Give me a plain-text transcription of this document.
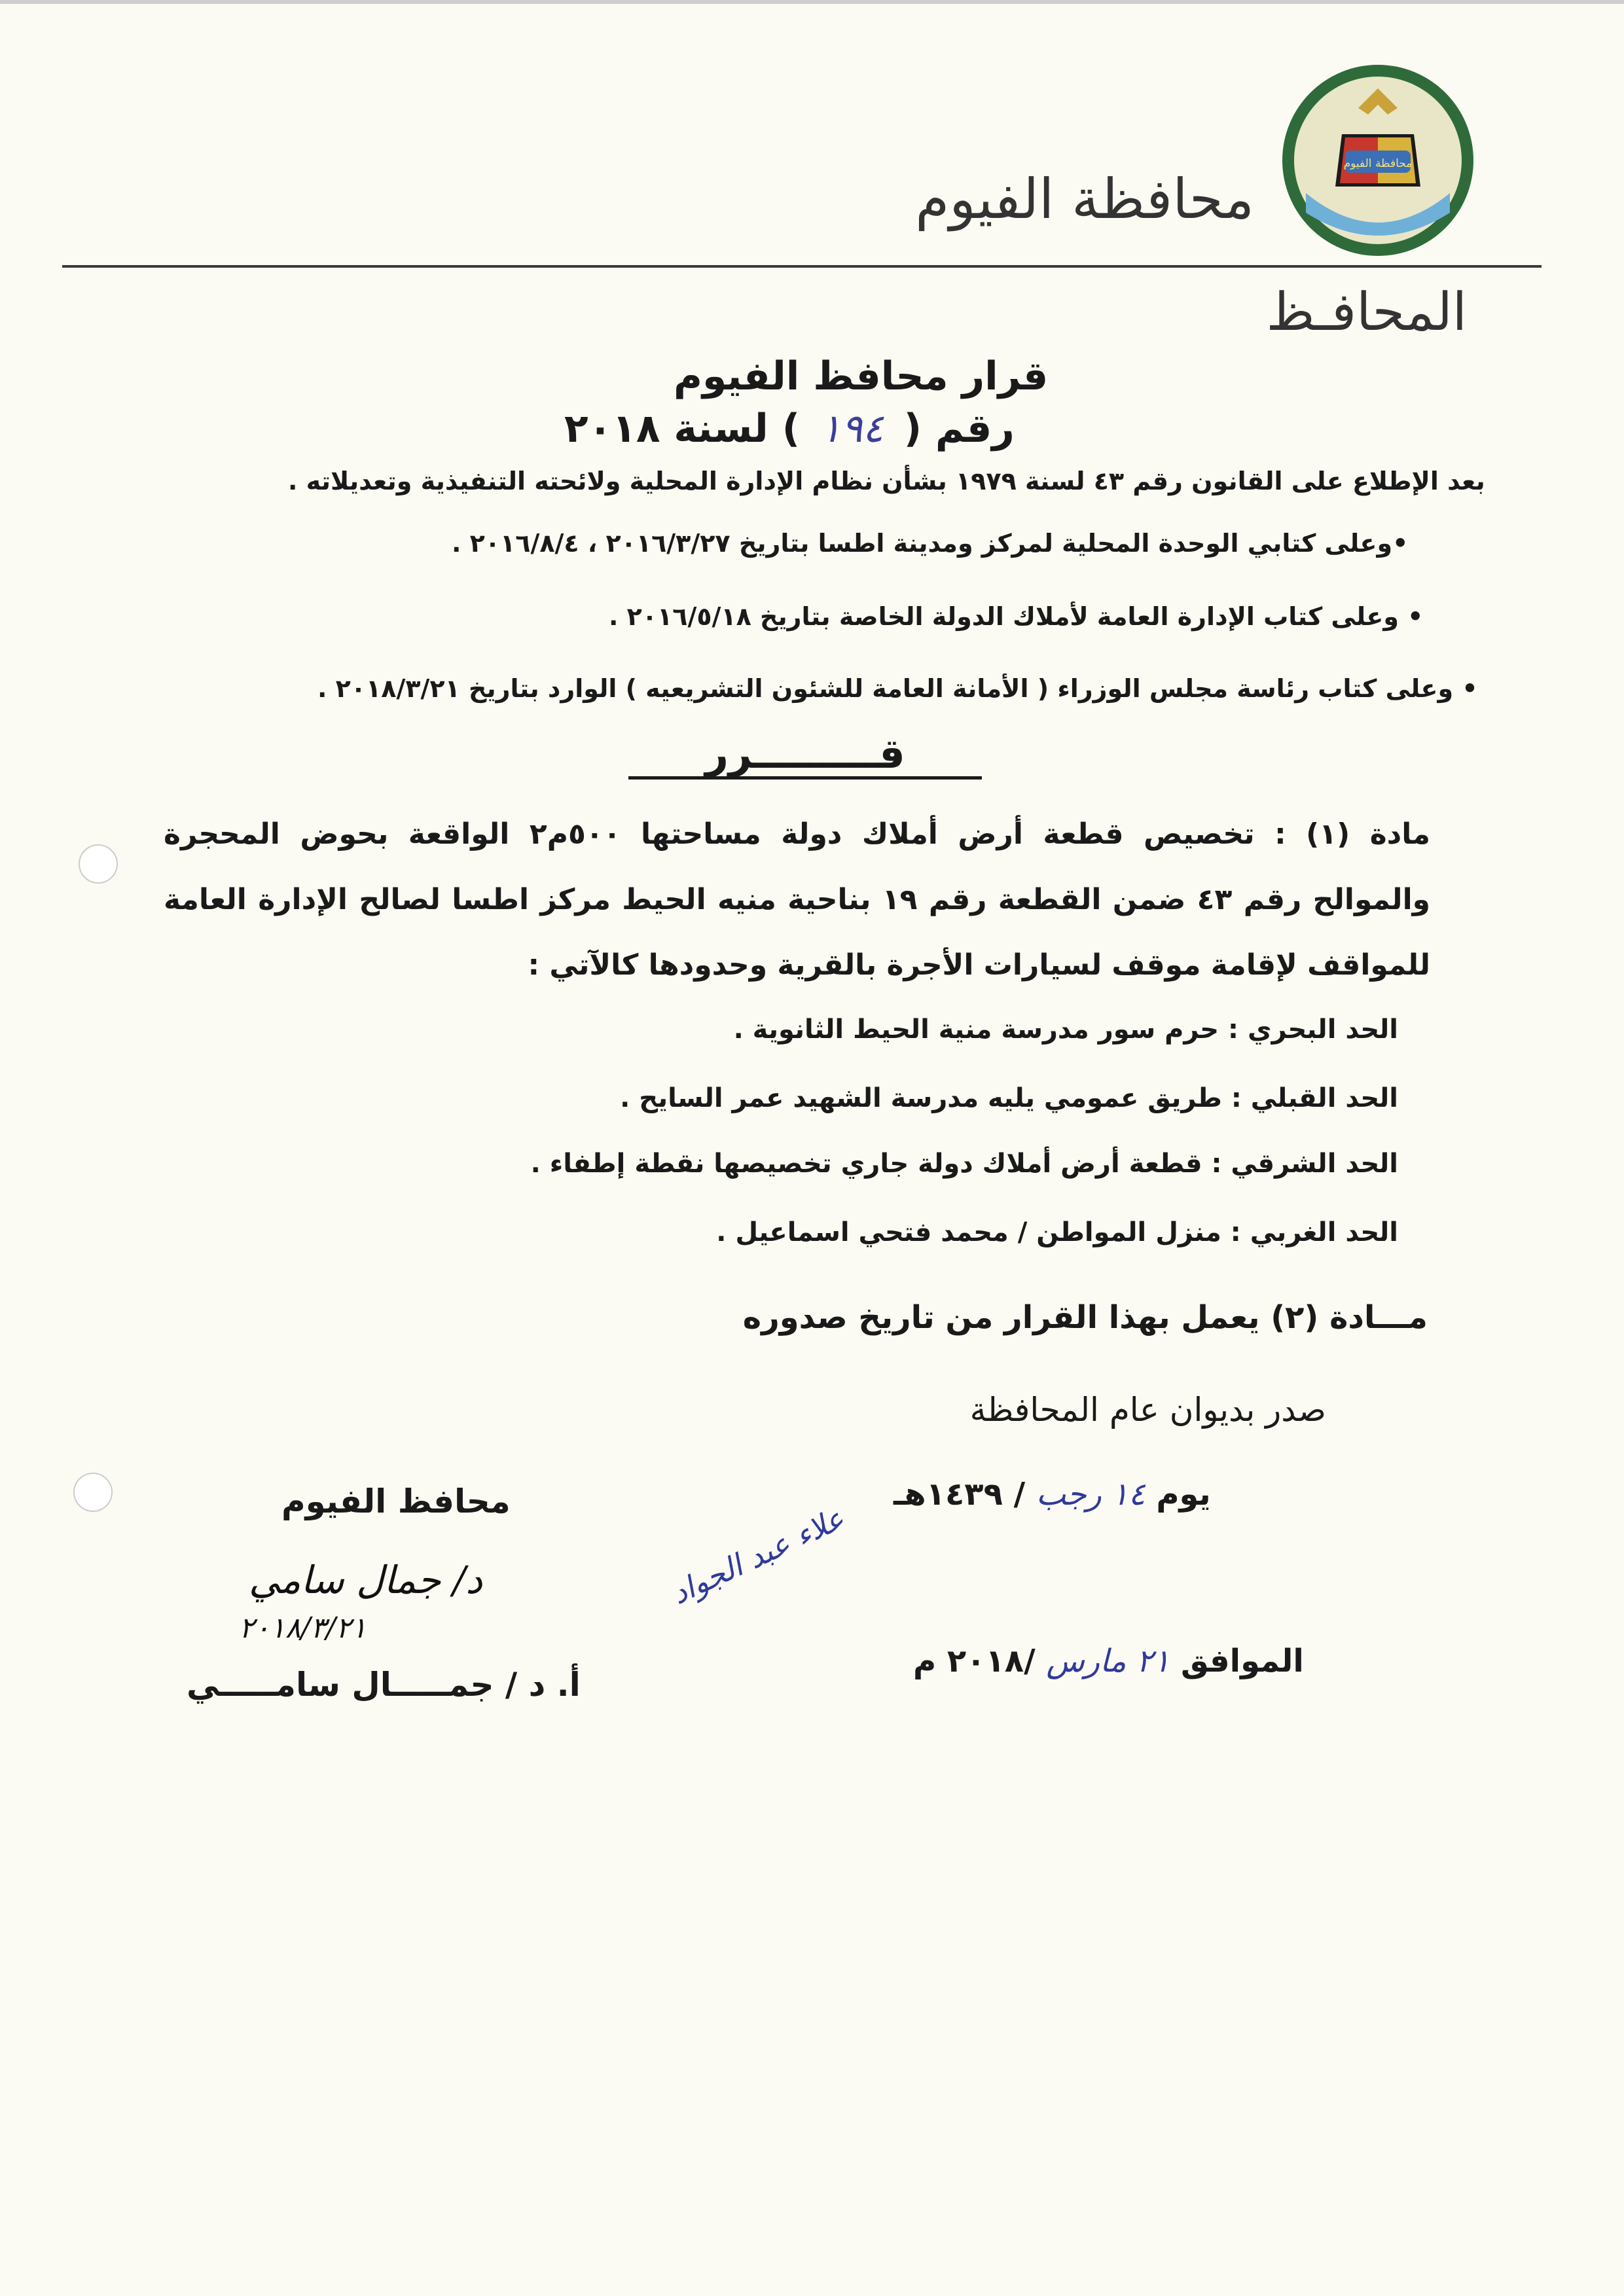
محافظة الفيوم
محافظة الفيوم
المحافـظ
قرار محافظ الفيوم
رقم ( ١٩٤ ) لسنة ٢٠١٨
بعد الإطلاع على القانون رقم ٤٣ لسنة ١٩٧٩ بشأن نظام الإدارة المحلية ولائحته التنفيذية وتعديلاته .
•وعلى كتابي الوحدة المحلية لمركز ومدينة اطسا بتاريخ ٢٠١٦/٣/٢٧ ، ٢٠١٦/٨/٤ .
• وعلى كتاب الإدارة العامة لأملاك الدولة الخاصة بتاريخ ٢٠١٦/٥/١٨ .
• وعلى كتاب رئاسة مجلس الوزراء ( الأمانة العامة للشئون التشريعيه ) الوارد بتاريخ ٢٠١٨/٣/٢١ .
قـــــــــرر
مادة (١) : تخصيص قطعة أرض أملاك دولة مساحتها ٥٠٠م٢ الواقعة بحوض المحجرة والموالح رقم ٤٣ ضمن القطعة رقم ١٩ بناحية منيه الحيط مركز اطسا لصالح الإدارة العامة للمواقف لإقامة موقف لسيارات الأجرة بالقرية وحدودها كالآتي :
الحد البحري : حرم سور مدرسة منية الحيط الثانوية .
الحد القبلي : طريق عمومي يليه مدرسة الشهيد عمر السايح .
الحد الشرقي : قطعة أرض أملاك دولة جاري تخصيصها نقطة إطفاء .
الحد الغربي : منزل المواطن / محمد فتحي اسماعيل .
مـــادة (٢) يعمل بهذا القرار من تاريخ صدوره
صدر بديوان عام المحافظة
يوم ١٤ رجب / ١٤٣٩هـ
الموافق ٢١ مارس /٢٠١٨ م
محافظ الفيوم
د/ جمال سامي
٢٠١٨/٣/٢١
أ. د / جمـــــال سامـــــي
علاء عبد الجواد
